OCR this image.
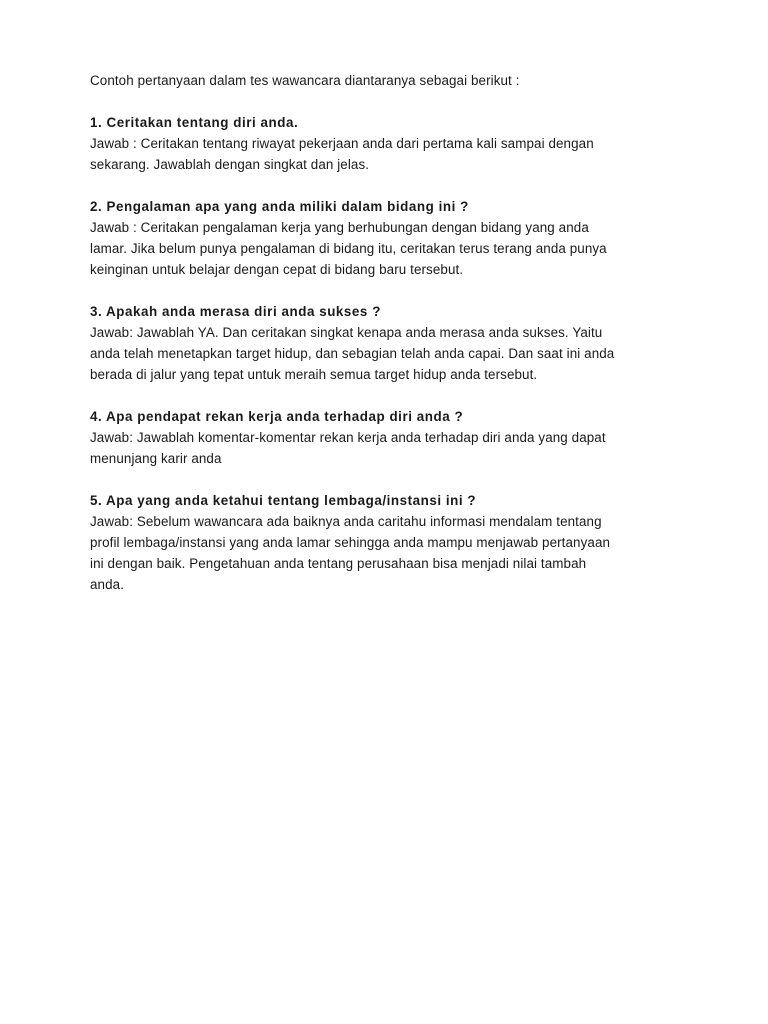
Contoh pertanyaan dalam tes wawancara diantaranya sebagai berikut :
1. Ceritakan tentang diri anda.
Jawab : Ceritakan tentang riwayat pekerjaan anda dari pertama kali sampai dengan
sekarang. Jawablah dengan singkat dan jelas.
2. Pengalaman apa yang anda miliki dalam bidang ini ?
Jawab : Ceritakan pengalaman kerja yang berhubungan dengan bidang yang anda
lamar. Jika belum punya pengalaman di bidang itu, ceritakan terus terang anda punya
keinginan untuk belajar dengan cepat di bidang baru tersebut.
3. Apakah anda merasa diri anda sukses ?
Jawab: Jawablah YA. Dan ceritakan singkat kenapa anda merasa anda sukses. Yaitu
anda telah menetapkan target hidup, dan sebagian telah anda capai. Dan saat ini anda
berada di jalur yang tepat untuk meraih semua target hidup anda tersebut.
4. Apa pendapat rekan kerja anda terhadap diri anda ?
Jawab: Jawablah komentar-komentar rekan kerja anda terhadap diri anda yang dapat
menunjang karir anda
5. Apa yang anda ketahui tentang lembaga/instansi ini ?
Jawab: Sebelum wawancara ada baiknya anda caritahu informasi mendalam tentang
profil lembaga/instansi yang anda lamar sehingga anda mampu menjawab pertanyaan
ini dengan baik. Pengetahuan anda tentang perusahaan bisa menjadi nilai tambah
anda.
